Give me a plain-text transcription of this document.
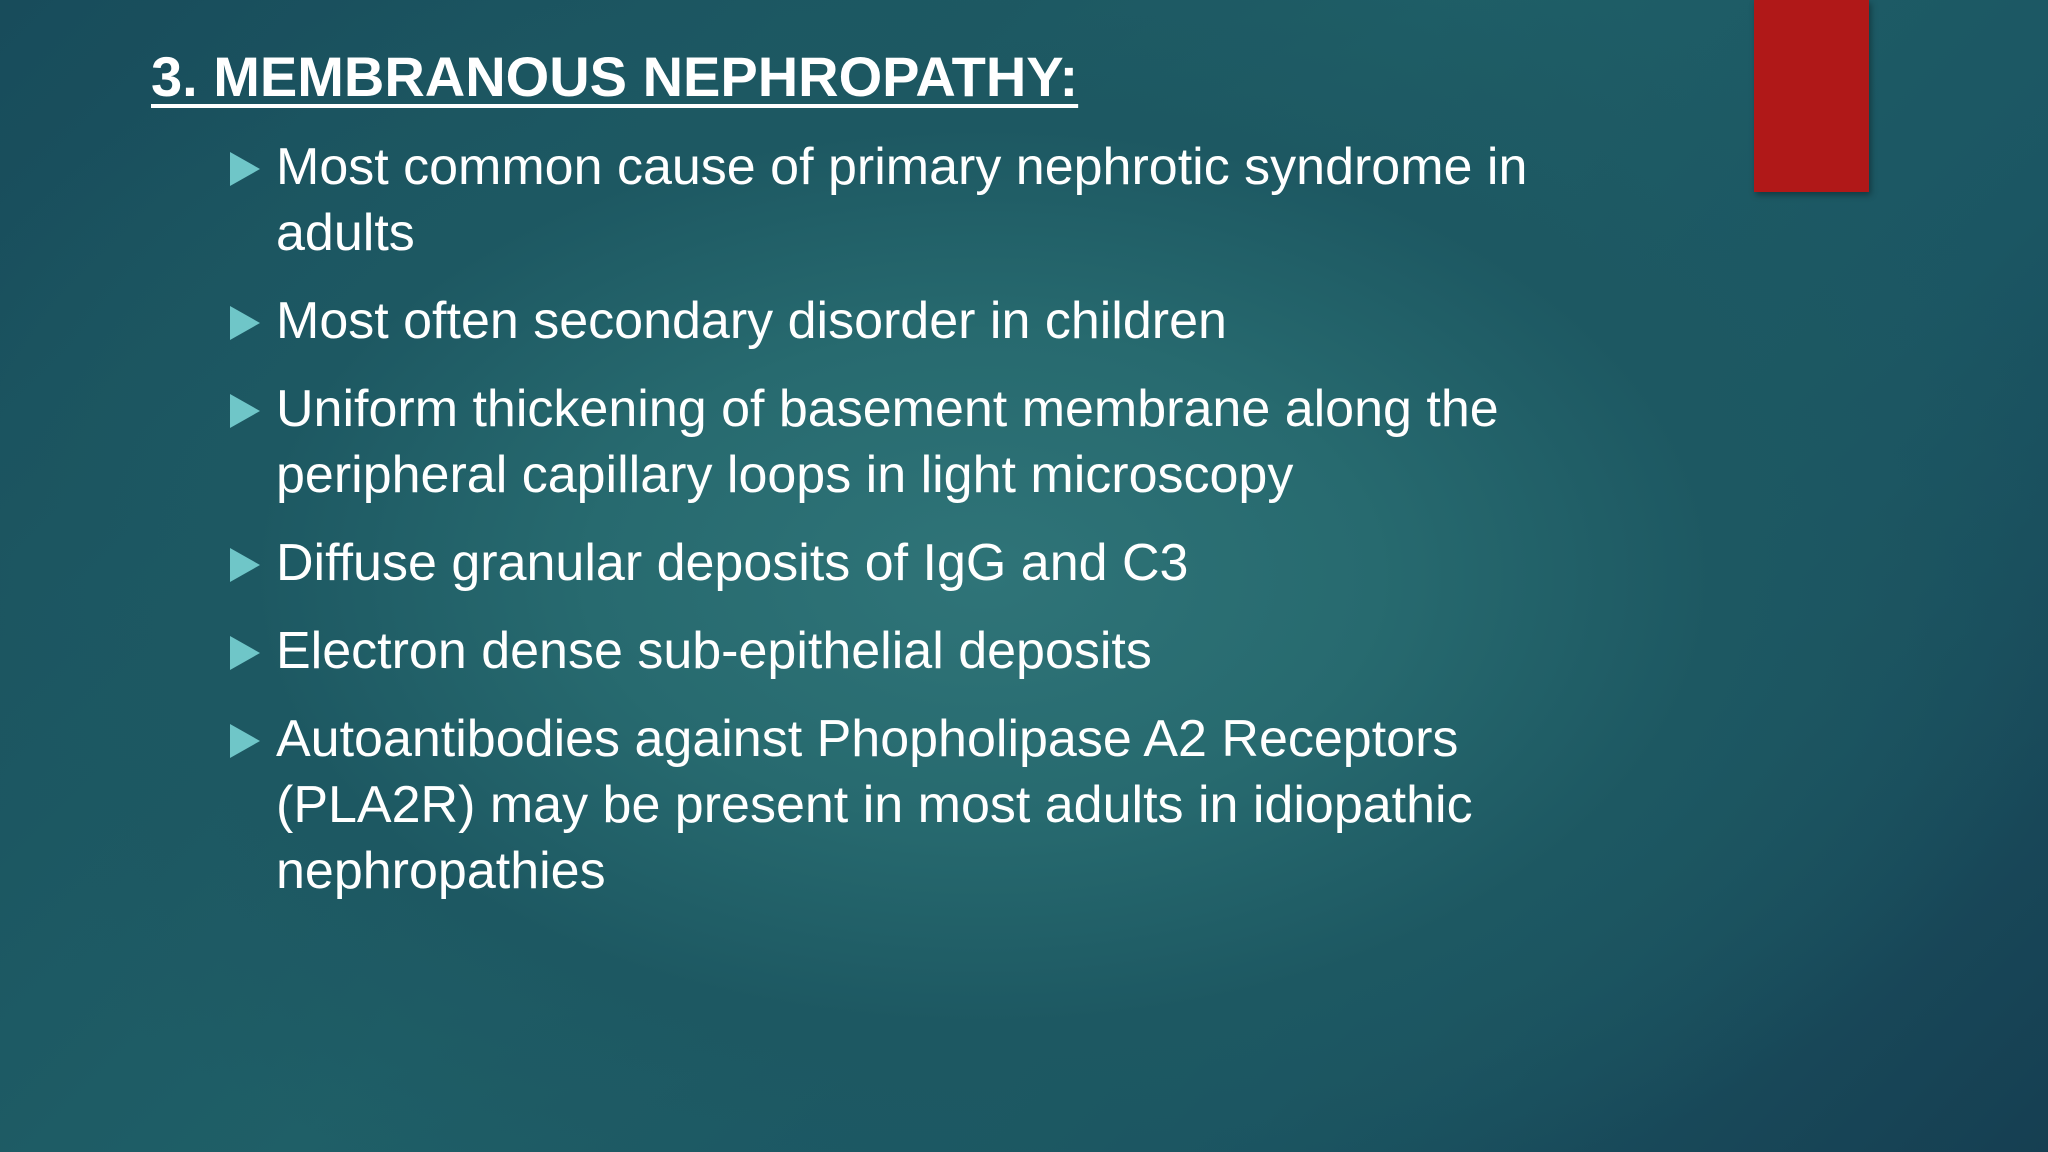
3. MEMBRANOUS NEPHROPATHY:
Most common cause of primary nephrotic syndrome in adults
Most often secondary disorder in children
Uniform thickening of basement membrane along the peripheral capillary loops in light microscopy
Diffuse granular deposits of IgG and C3
Electron dense sub-epithelial deposits
Autoantibodies against Phopholipase A2 Receptors (PLA2R) may be present in most adults in idiopathic nephropathies
